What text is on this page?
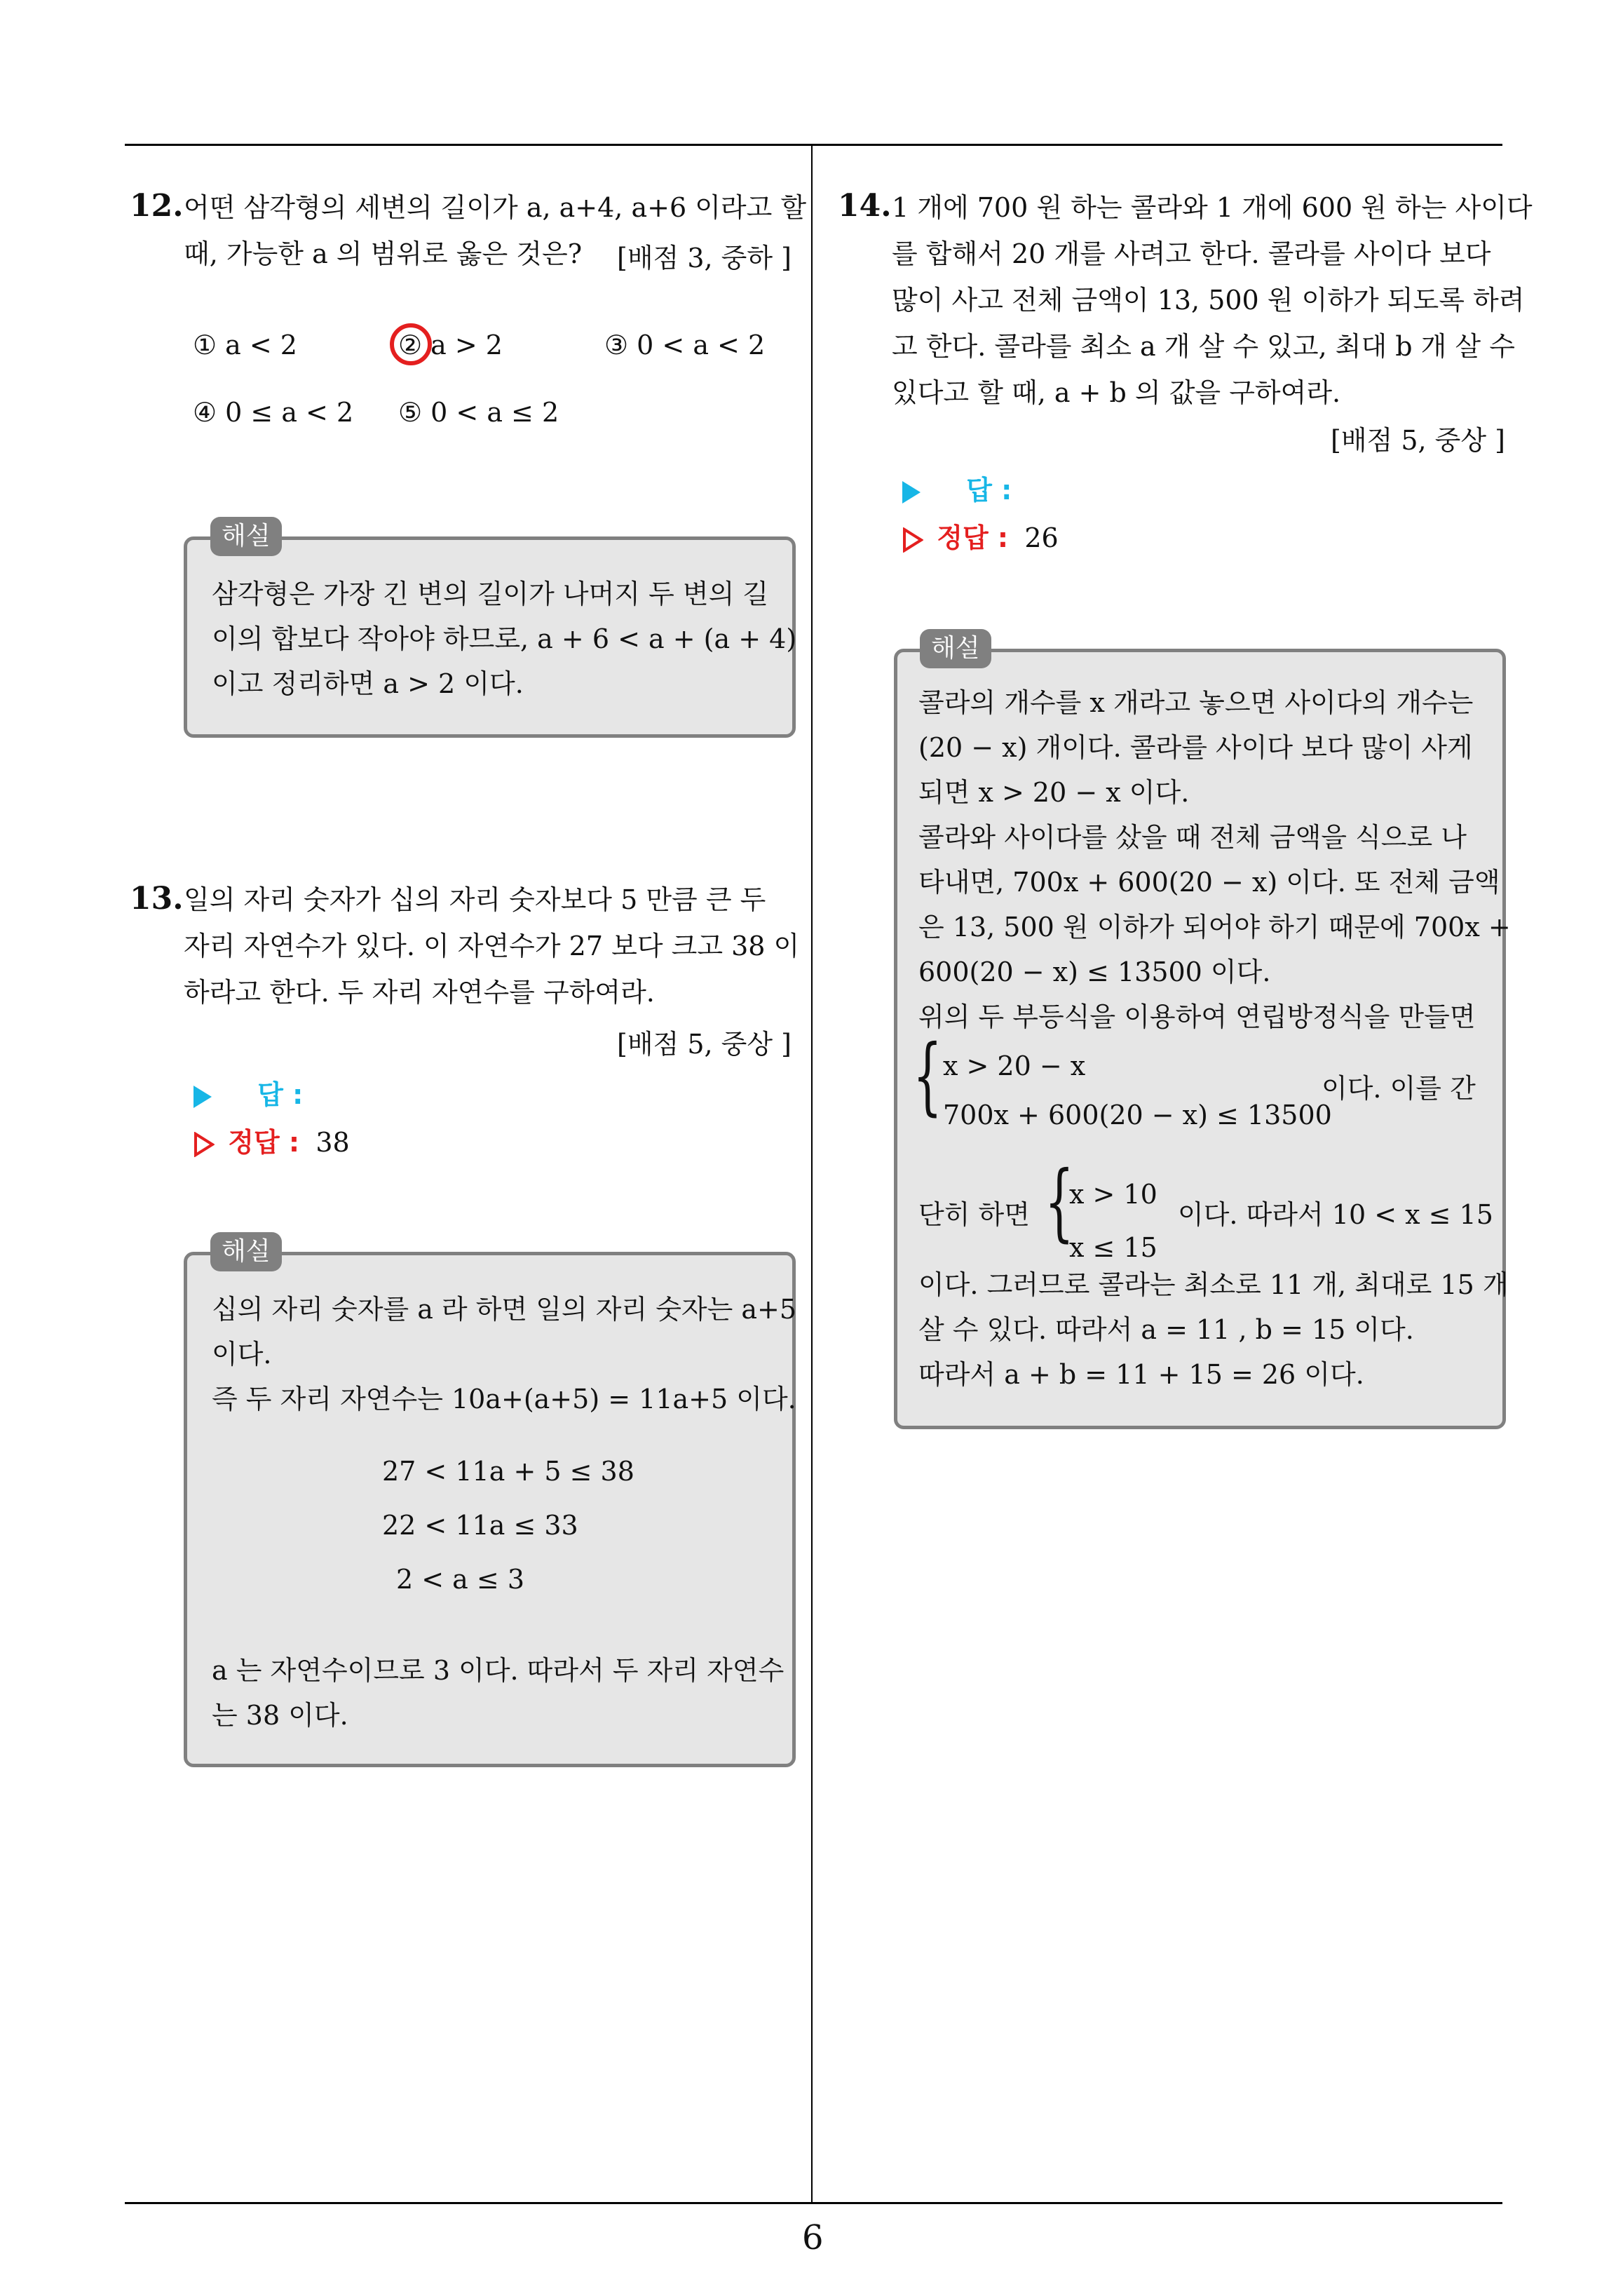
12. 어떤 삼각형의 세변의 길이가 a, a+4, a+6 이라고 할
때, 가능한 a 의 범위로 옳은 것은?	[배점 3, 중하 ]
① a < 2	② a > 2	③ 0 < a < 2
④ 0 ≤ a < 2 ⑤ 0 < a ≤ 2
삼각형은 가장 긴 변의 길이가 나머지 두 변의 길
이의 합보다 작아야 하므로, a + 6 < a + (a + 4)
이고 정리하면 a > 2 이다.
해설
13. 일의 자리 숫자가 십의 자리 숫자보다 5 만큼 큰 두
자리 자연수가 있다. 이 자연수가 27 보다 크고 38 이
하라고 한다. 두 자리 자연수를 구하여라.
[배점 5, 중상 ]
답 :
정답 : 38
십의 자리 숫자를 a 라 하면 일의 자리 숫자는 a+5
이다.
즉 두 자리 자연수는 10a+(a+5) = 11a+5 이다.
27 < 11a + 5 ≤ 38
22 < 11a ≤ 33
2 < a ≤ 3
a 는 자연수이므로 3 이다. 따라서 두 자리 자연수
는 38 이다.
해설
14. 1 개에 700 원 하는 콜라와 1 개에 600 원 하는 사이다
를 합해서 20 개를 사려고 한다. 콜라를 사이다 보다
많이 사고 전체 금액이 13, 500 원 이하가 되도록 하려
고 한다. 콜라를 최소 a 개 살 수 있고, 최대 b 개 살 수
있다고 할 때, a + b 의 값을 구하여라.
[배점 5, 중상 ]
답 :
정답 : 26
콜라의 개수를 x 개라고 놓으면 사이다의 개수는
(20 − x) 개이다. 콜라를 사이다 보다 많이 사게
되면 x > 20 − x 이다.
콜라와 사이다를 샀을 때 전체 금액을 식으로 나
타내면, 700x + 600(20 − x) 이다. 또 전체 금액
은 13, 500 원 이하가 되어야 하기 때문에 700x +
600(20 − x) ≤ 13500 이다.
위의 두 부등식을 이용하여 연립방정식을 만들면
{ x > 20 − x
700x + 600(20 − x) ≤ 13500
이다. 이를 간
단히 하면 {
x > 10
x ≤ 15
이다. 따라서 10 < x ≤ 15
이다. 그러므로 콜라는 최소로 11 개, 최대로 15 개
살 수 있다. 따라서 a = 11 , b = 15 이다.
따라서 a + b = 11 + 15 = 26 이다.
해설
6
